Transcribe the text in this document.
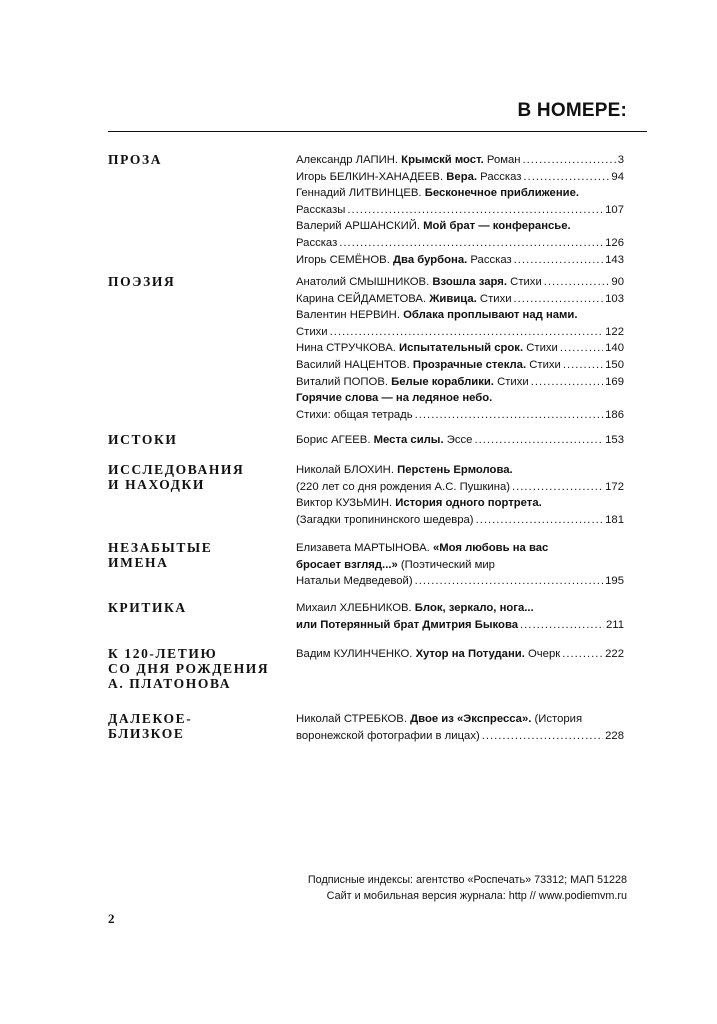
В НОМЕРЕ:
ПРОЗА	Александр ЛАПИН. Крымскй мост. Роман .....	3
Игорь БЕЛКИН-ХАНАДЕЕВ. Вера. Рассказ .....	94
Геннадий ЛИТВИНЦЕВ. Бесконечное приближение.
Рассказы .....	107
Валерий АРШАНСКИЙ. Мой брат — конферансье.
Рассказ .....	126
Игорь СЕМЁНОВ. Два бурбона. Рассказ .....	143
ПОЭЗИЯ	Анатолий СМЫШНИКОВ. Взошла заря. Стихи .....	90
Карина СЕЙДАМЕТОВА. Живица. Стихи .....	103
Валентин НЕРВИН. Облака проплывают над нами.
Стихи .....	122
Нина СТРУЧКОВА. Испытательный срок. Стихи .....	140
Василий НАЦЕНТОВ. Прозрачные стекла. Стихи .....	150
Виталий ПОПОВ. Белые кораблики. Стихи .....	169
Горячие слова — на ледяное небо.
Стихи: общая тетрадь .....	186
ИСТОКИ	Борис АГЕЕВ. Места силы. Эссе .....	153
ИССЛЕДОВАНИЯ
И НАХОДКИ
Николай БЛОХИН. Перстень Ермолова.
(220 лет со дня рождения А.С. Пушкина) .....	172
Виктор КУЗЬМИН. История одного портрета.
(Загадки тропининского шедевра) .....	181
НЕЗАБЫТЫЕ
ИМЕНА
Елизавета МАРТЫНОВА. «Моя любовь на вас
бросает взгляд...» (Поэтический мир
Натальи Медведевой) .....	195
КРИТИКА	Михаил ХЛЕБНИКОВ. Блок, зеркало, нога...
или Потерянный брат Дмитрия Быкова .....	211
К 120-ЛЕТИЮ
СО ДНЯ РОЖДЕНИЯ
А. ПЛАТОНОВА
Вадим КУЛИНЧЕНКО. Хутор на Потудани. Очерк .....	222
ДАЛЕКОЕ-
БЛИЗКОЕ
Николай СТРЕБКОВ. Двое из «Экспресса». (История
воронежской фотографии в лицах) .....	228
Подписные индексы: агентство «Роспечать» 73312; МАП 51228
Сайт и мобильная версия журнала: http // www.podiemvm.ru
2
